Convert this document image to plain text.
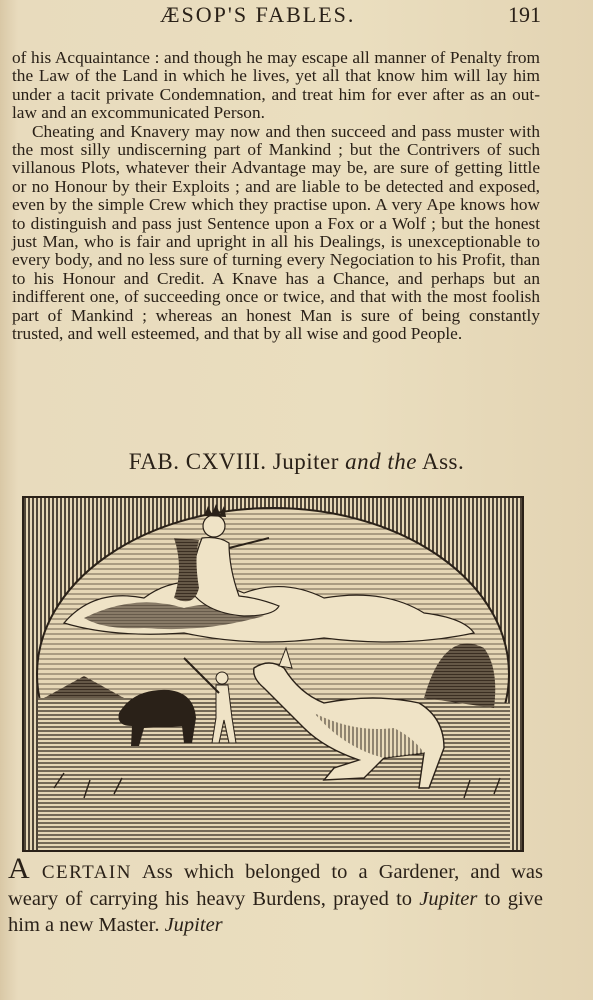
ÆSOP'S FABLES.	191

of his Acquaintance : and though he may escape all manner of Penalty from the Law of the Land in which he lives, yet all that know him will lay him under a tacit private Condemnation, and treat him for ever after as an out-law and an excommunicated Person.

Cheating and Knavery may now and then succeed and pass muster with the most silly undiscerning part of Mankind ; but the Contrivers of such villanous Plots, whatever their Advantage may be, are sure of getting little or no Honour by their Exploits ; and are liable to be detected and exposed, even by the simple Crew which they practise upon. A very Ape knows how to distinguish and pass just Sentence upon a Fox or a Wolf ; but the honest just Man, who is fair and upright in all his Dealings, is unexceptionable to every body, and no less sure of turning every Negociation to his Profit, than to his Honour and Credit. A Knave has a Chance, and perhaps but an indifferent one, of succeeding once or twice, and that with the most foolish part of Mankind ; whereas an honest Man is sure of being constantly trusted, and well esteemed, and that by all wise and good People.

FAB. CXVIII. Jupiter and the Ass.

A CERTAIN Ass which belonged to a Gardener, and was weary of carrying his heavy Burdens, prayed to Jupiter to give him a new Master. Jupiter
